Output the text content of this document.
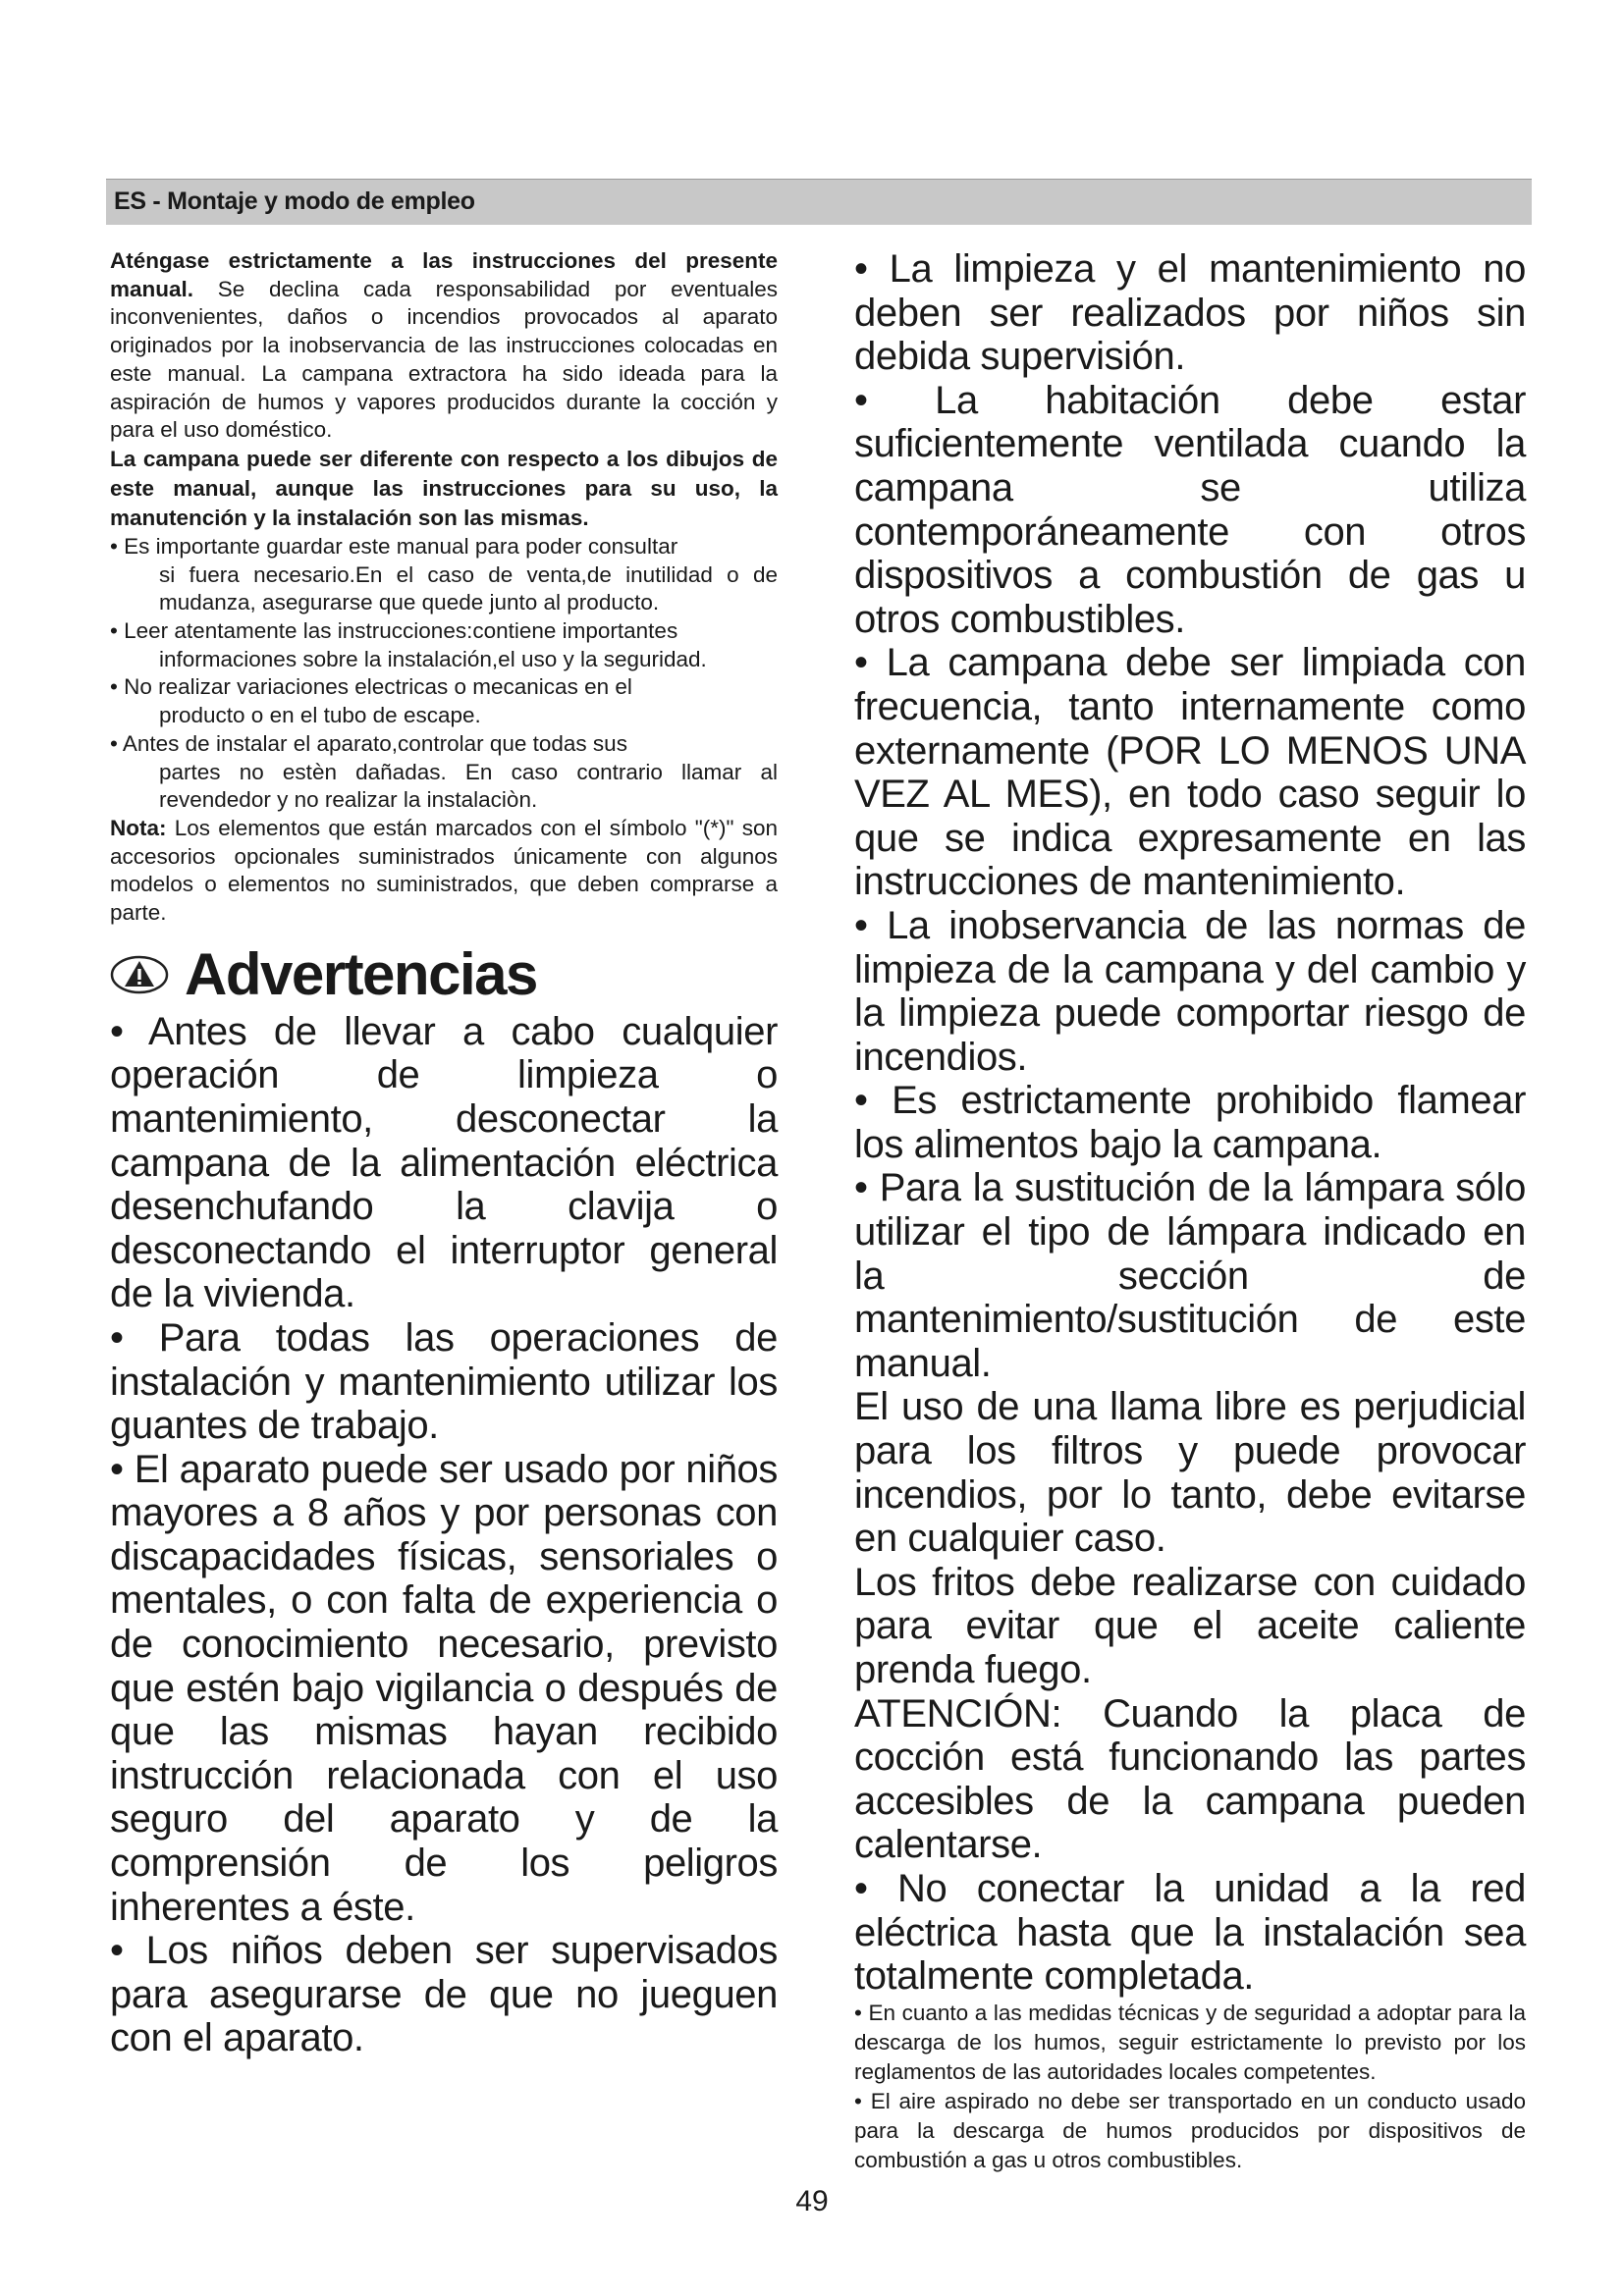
ES - Montaje y modo de empleo

Aténgase estrictamente a las instrucciones del presente manual. Se declina cada responsabilidad por eventuales inconvenientes, daños o incendios provocados al aparato originados por la inobservancia de las instrucciones colocadas en este manual. La campana extractora ha sido ideada para la aspiración de humos y vapores producidos durante la cocción y para el uso doméstico.

La campana puede ser diferente con respecto a los dibujos de este manual, aunque las instrucciones para su uso, la manutención y la instalación son las mismas.

• Es importante guardar este manual para poder consultar
si fuera necesario.En el caso de venta,de inutilidad o de mudanza, asegurarse que quede junto al producto.

• Leer atentamente las instrucciones:contiene importantes
informaciones sobre la instalación,el uso y la seguridad.

• No realizar variaciones electricas o mecanicas en el
producto o en el tubo de escape.

• Antes de instalar el aparato,controlar que todas sus
partes no estèn dañadas. En caso contrario llamar al revendedor y no realizar la instalaciòn.

Nota: Los elementos que están marcados con el símbolo "(*)" son accesorios opcionales suministrados únicamente con algunos modelos o elementos no suministrados, que deben comprarse a parte.

Advertencias

• Antes de llevar a cabo cualquier operación de limpieza o mantenimiento, desconectar la campana de la alimentación eléctrica desenchufando la clavija o desconectando el interruptor general de la vivienda.

• Para todas las operaciones de instalación y mantenimiento utilizar los guantes de trabajo.

• El aparato puede ser usado por niños mayores a 8 años y por personas con discapacidades físicas, sensoriales o mentales, o con falta de experiencia o de conocimiento necesario, previsto que estén bajo vigilancia o después de que las mismas hayan recibido instrucción relacionada con el uso seguro del aparato y de la comprensión de los peligros inherentes a éste.

• Los niños deben ser supervisados para asegurarse de que no jueguen con el aparato.

• La limpieza y el mantenimiento no deben ser realizados por niños sin debida supervisión.

• La habitación debe estar suficientemente ventilada cuando la campana se utiliza contemporáneamente con otros dispositivos a combustión de gas u otros combustibles.

• La campana debe ser limpiada con frecuencia, tanto internamente como externamente (POR LO MENOS UNA VEZ AL MES), en todo caso seguir lo que se indica expresamente en las instrucciones de mantenimiento.

• La inobservancia de las normas de limpieza de la campana y del cambio y la limpieza puede comportar riesgo de incendios.

• Es estrictamente prohibido flamear los alimentos bajo la campana.

• Para la sustitución de la lámpara sólo utilizar el tipo de lámpara indicado en la sección de mantenimiento/sustitución de este manual.

El uso de una llama libre es perjudicial para los filtros y puede provocar incendios, por lo tanto, debe evitarse en cualquier caso.

Los fritos debe realizarse con cuidado para evitar que el aceite caliente prenda fuego.

ATENCIÓN: Cuando la placa de cocción está funcionando las partes accesibles de la campana pueden calentarse.

• No conectar la unidad a la red eléctrica hasta que la instalación sea totalmente completada.

• En cuanto a las medidas técnicas y de seguridad a adoptar para la descarga de los humos, seguir estrictamente lo previsto por los reglamentos de las autoridades locales competentes.

• El aire aspirado no debe ser transportado en un conducto usado para la descarga de humos producidos por dispositivos de combustión a gas u otros combustibles.

49
